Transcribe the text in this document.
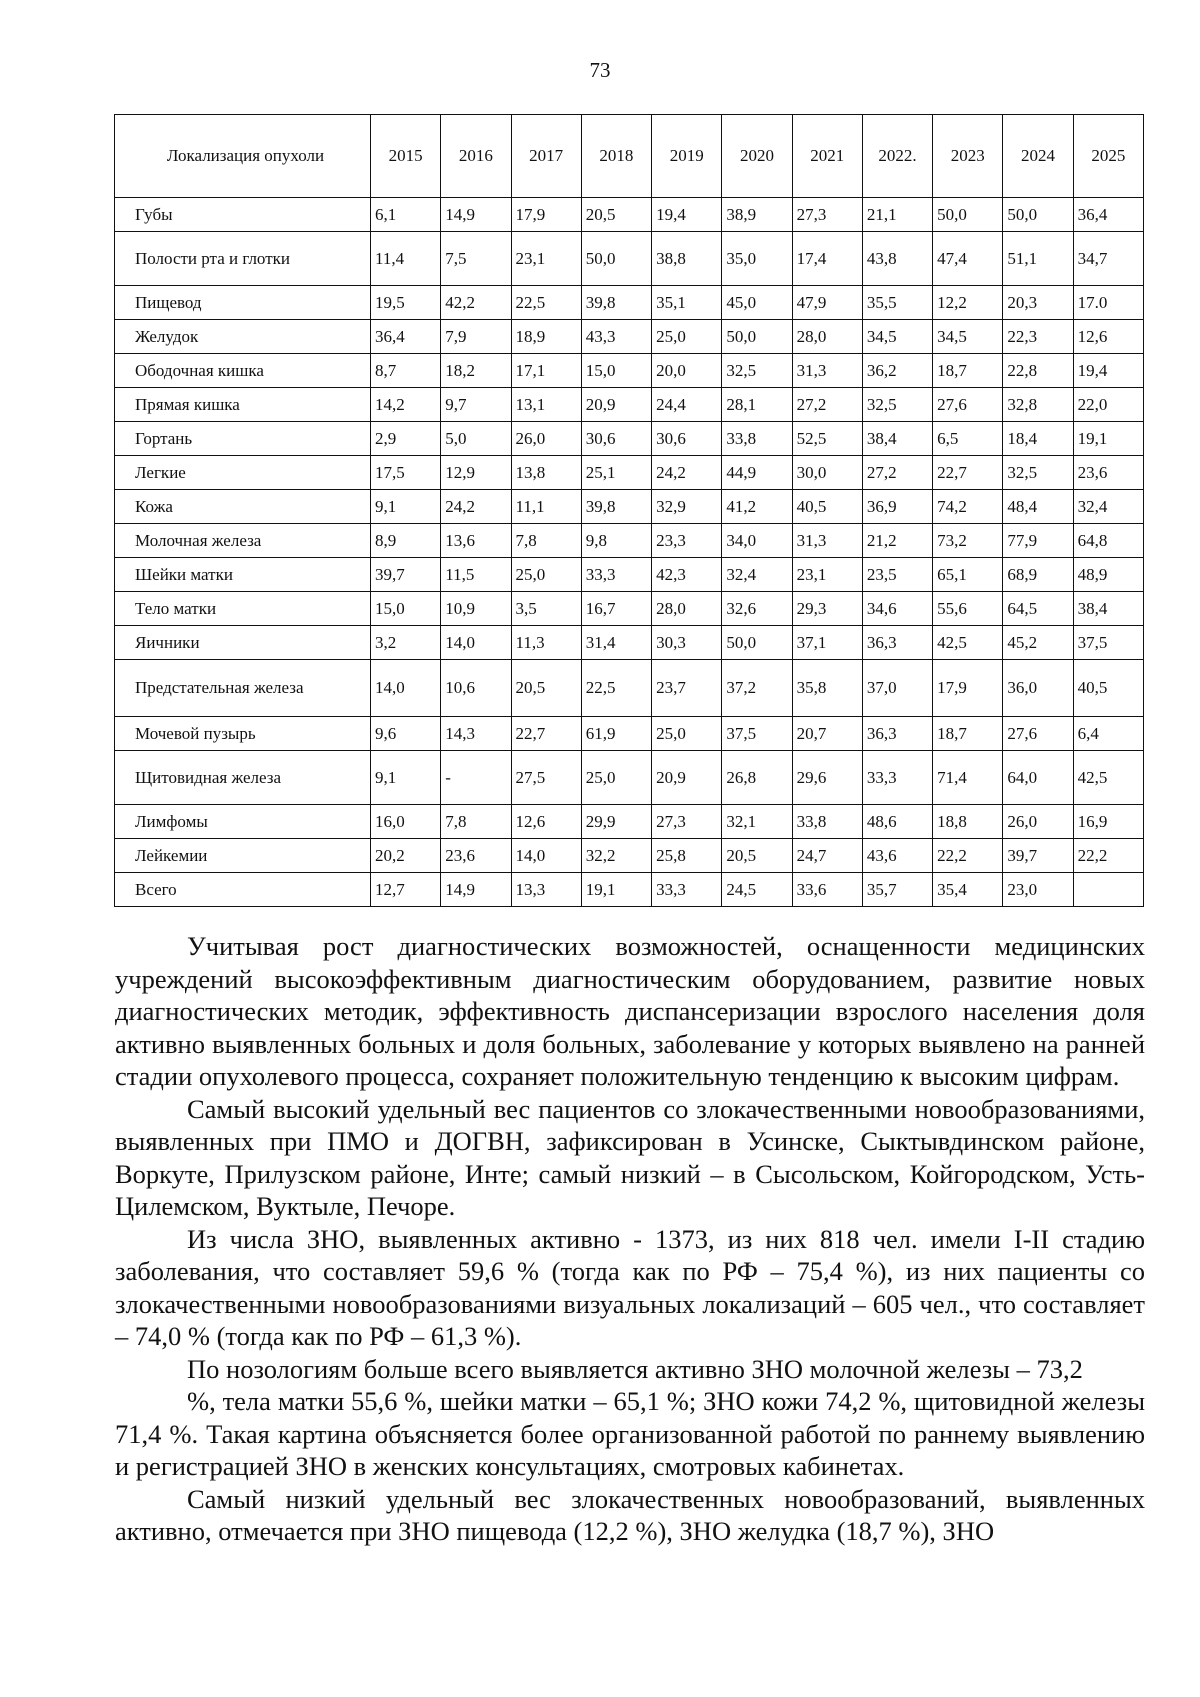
73
Локализация опухоли	2015	2016	2017	2018	2019	2020	2021	2022.	2023	2024	2025
Губы	6,1	14,9	17,9	20,5	19,4	38,9	27,3	21,1	50,0	50,0	36,4
Полости рта и глотки	11,4	7,5	23,1	50,0	38,8	35,0	17,4	43,8	47,4	51,1	34,7
Пищевод	19,5	42,2	22,5	39,8	35,1	45,0	47,9	35,5	12,2	20,3	17.0
Желудок	36,4	7,9	18,9	43,3	25,0	50,0	28,0	34,5	34,5	22,3	12,6
Ободочная кишка	8,7	18,2	17,1	15,0	20,0	32,5	31,3	36,2	18,7	22,8	19,4
Прямая кишка	14,2	9,7	13,1	20,9	24,4	28,1	27,2	32,5	27,6	32,8	22,0
Гортань	2,9	5,0	26,0	30,6	30,6	33,8	52,5	38,4	6,5	18,4	19,1
Легкие	17,5	12,9	13,8	25,1	24,2	44,9	30,0	27,2	22,7	32,5	23,6
Кожа	9,1	24,2	11,1	39,8	32,9	41,2	40,5	36,9	74,2	48,4	32,4
Молочная железа	8,9	13,6	7,8	9,8	23,3	34,0	31,3	21,2	73,2	77,9	64,8
Шейки матки	39,7	11,5	25,0	33,3	42,3	32,4	23,1	23,5	65,1	68,9	48,9
Тело матки	15,0	10,9	3,5	16,7	28,0	32,6	29,3	34,6	55,6	64,5	38,4
Яичники	3,2	14,0	11,3	31,4	30,3	50,0	37,1	36,3	42,5	45,2	37,5
Предстательная железа	14,0	10,6	20,5	22,5	23,7	37,2	35,8	37,0	17,9	36,0	40,5
Мочевой пузырь	9,6	14,3	22,7	61,9	25,0	37,5	20,7	36,3	18,7	27,6	6,4
Щитовидная железа	9,1	-	27,5	25,0	20,9	26,8	29,6	33,3	71,4	64,0	42,5
Лимфомы	16,0	7,8	12,6	29,9	27,3	32,1	33,8	48,6	18,8	26,0	16,9
Лейкемии	20,2	23,6	14,0	32,2	25,8	20,5	24,7	43,6	22,2	39,7	22,2
Всего	12,7	14,9	13,3	19,1	33,3	24,5	33,6	35,7	35,4	23,0	

Учитывая рост диагностических возможностей, оснащенности медицинских учреждений высокоэффективным диагностическим оборудованием, развитие новых диагностических методик, эффективность диспансеризации взрослого населения доля активно выявленных больных и доля больных, заболевание у которых выявлено на ранней стадии опухолевого процесса, сохраняет положительную тенденцию к высоким цифрам.

Самый высокий удельный вес пациентов со злокачественными новообразованиями, выявленных при ПМО и ДОГВН, зафиксирован в Усинске, Сыктывдинском районе, Воркуте, Прилузском районе, Инте; самый низкий – в Сысольском, Койгородском, Усть-Цилемском, Вуктыле, Печоре.

Из числа ЗНО, выявленных активно - 1373, из них 818 чел. имели I-II стадию заболевания, что составляет 59,6 % (тогда как по РФ – 75,4 %), из них пациенты со злокачественными новообразованиями визуальных локализаций – 605 чел., что составляет – 74,0 % (тогда как по РФ – 61,3 %).

По нозологиям больше всего выявляется активно ЗНО молочной железы – 73,2

%, тела матки 55,6 %, шейки матки – 65,1 %; ЗНО кожи 74,2 %, щитовидной железы 71,4 %. Такая картина объясняется более организованной работой по раннему выявлению и регистрацией ЗНО в женских консультациях, смотровых кабинетах.

Самый низкий удельный вес злокачественных новообразований, выявленных активно, отмечается при ЗНО пищевода (12,2 %), ЗНО желудка (18,7 %), ЗНО
